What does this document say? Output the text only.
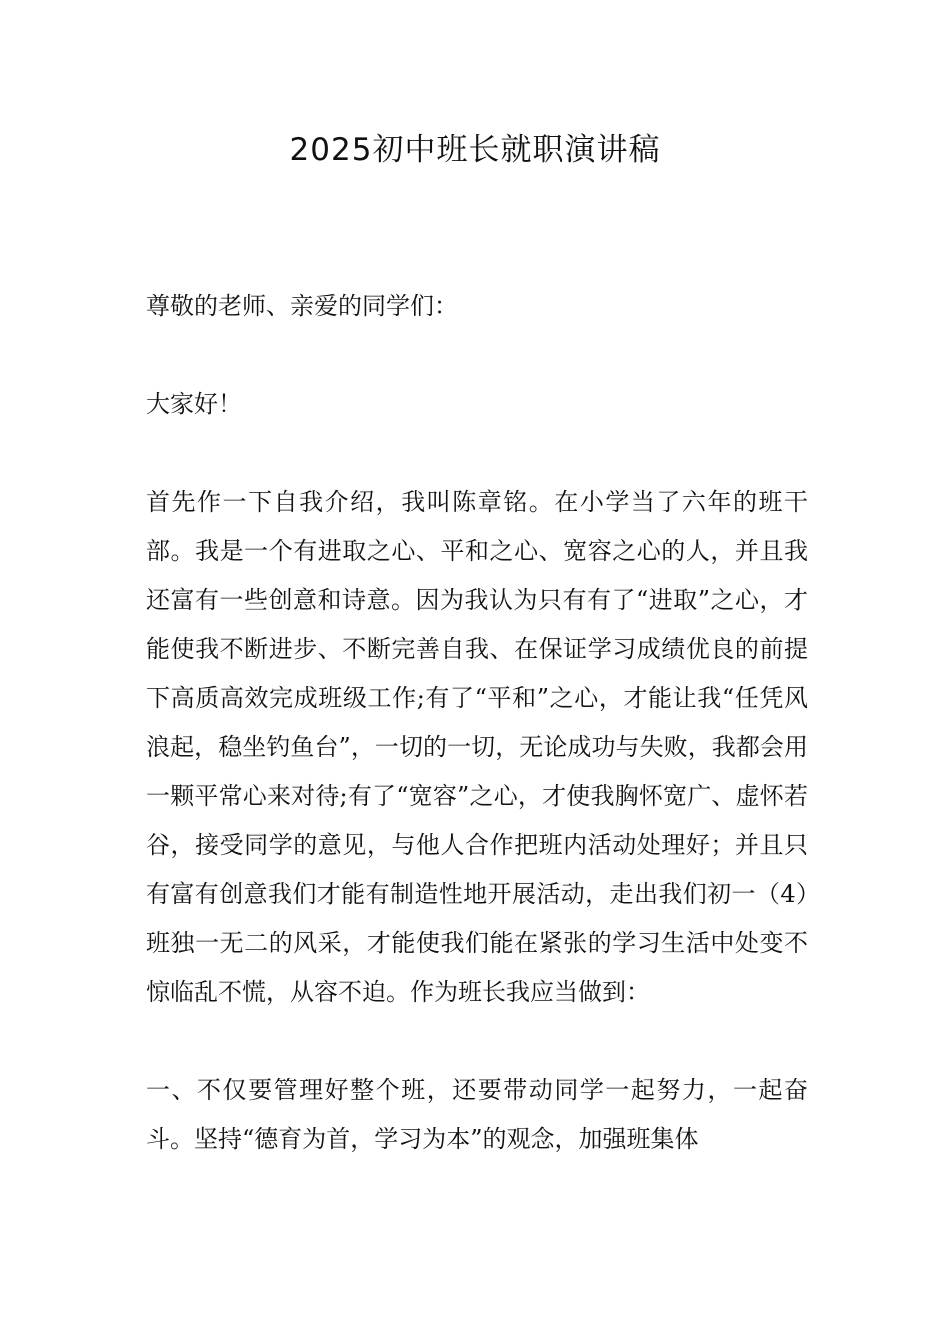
2025初中班长就职演讲稿

尊敬的老师、亲爱的同学们：

大家好！

首先作一下自我介绍，我叫陈章铭。在小学当了六年的班干部。我是一个有进取之心、平和之心、宽容之心的人，并且我还富有一些创意和诗意。因为我认为只有有了“进取”之心，才能使我不断进步、不断完善自我、在保证学习成绩优良的前提下高质高效完成班级工作;有了“平和”之心，才能让我“任凭风浪起，稳坐钓鱼台”，一切的一切，无论成功与失败，我都会用一颗平常心来对待;有了“宽容”之心，才使我胸怀宽广、虚怀若谷，接受同学的意见，与他人合作把班内活动处理好；并且只有富有创意我们才能有制造性地开展活动，走出我们初一（4）班独一无二的风采，才能使我们能在紧张的学习生活中处变不惊临乱不慌，从容不迫。作为班长我应当做到：

一、不仅要管理好整个班，还要带动同学一起努力，一起奋斗。坚持“德育为首，学习为本”的观念，加强班集体
